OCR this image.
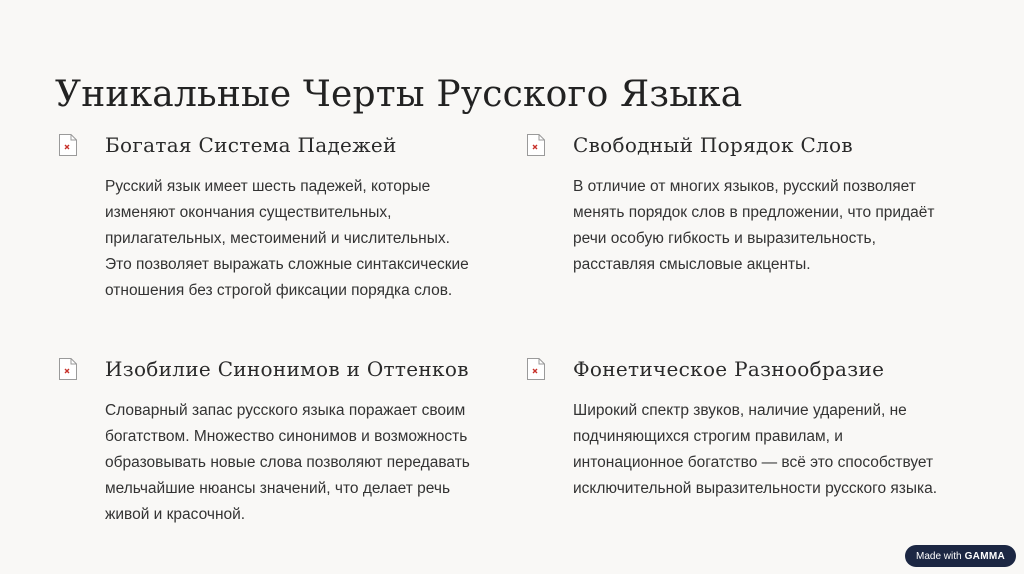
Уникальные Черты Русского Языка
Богатая Система Падежей
Русский язык имеет шесть падежей, которые изменяют окончания существительных, прилагательных, местоимений и числительных. Это позволяет выражать сложные синтаксические отношения без строгой фиксации порядка слов.
Свободный Порядок Слов
В отличие от многих языков, русский позволяет менять порядок слов в предложении, что придаёт речи особую гибкость и выразительность, расставляя смысловые акценты.
Изобилие Синонимов и Оттенков
Словарный запас русского языка поражает своим богатством. Множество синонимов и возможность образовывать новые слова позволяют передавать мельчайшие нюансы значений, что делает речь живой и красочной.
Фонетическое Разнообразие
Широкий спектр звуков, наличие ударений, не подчиняющихся строгим правилам, и интонационное богатство — всё это способствует исключительной выразительности русского языка.
Made with GAMMA
